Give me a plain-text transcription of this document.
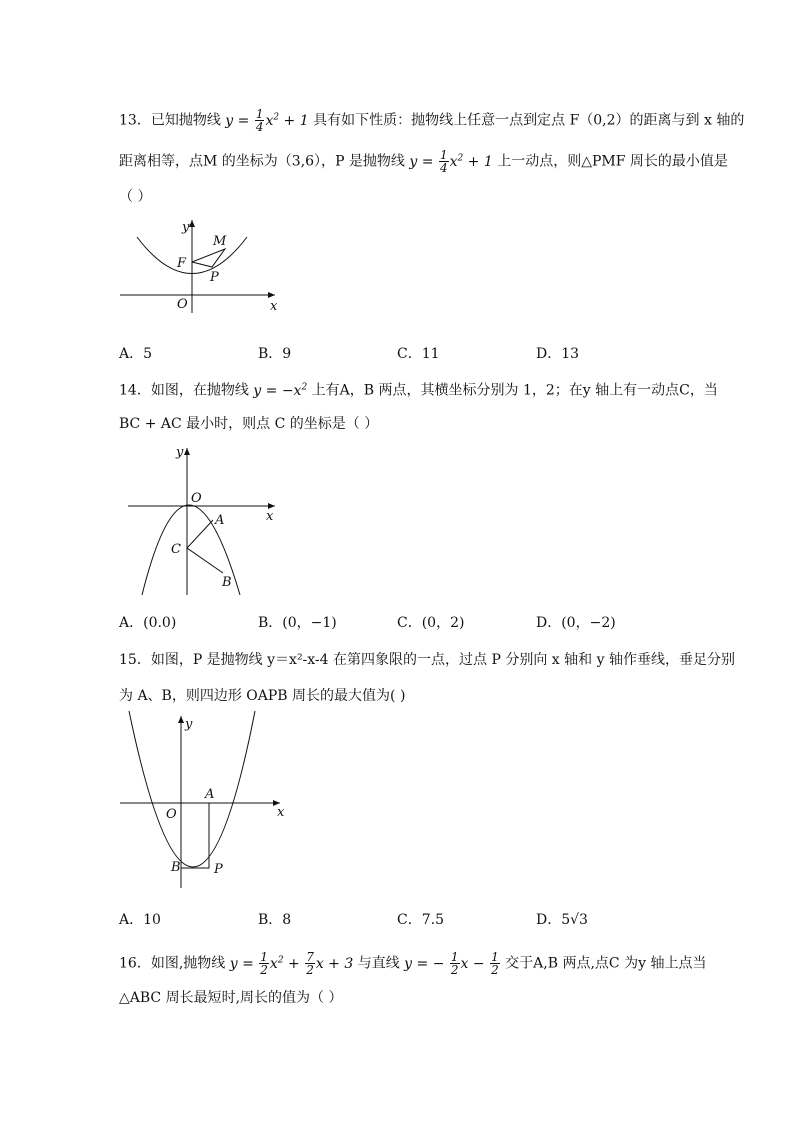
13．已知抛物线 $y = \frac{1}{4} x^2 + 1$ 具有如下性质：抛物线上任意一点到定点 F（0,2）的距离与到 x 轴的
距离相等，点M 的坐标为（3,6），P 是抛物线 $y = \frac{1}{4} x^2 + 1$ 上一动点，则△PMF 周长的最小值是
（ ）
y
x
O
F
M
P
A．5	B．9	C．11	D．13
14．如图，在抛物线 $y = -x^2$ 上有A，B 两点，其横坐标分别为 1，2；在y 轴上有一动点C，当
BC + AC 最小时，则点 C 的坐标是（ ）
y
x
O
A
C
B
A．(0.0)	B．(0，−1)	C．(0，2)	D．(0，−2)
15．如图，P 是抛物线 y＝x²-x-4 在第四象限的一点，过点 P 分别向 x 轴和 y 轴作垂线，垂足分别
为 A、B，则四边形 OAPB 周长的最大值为( )
y
x
O
A
B	P
A．10	B．8	C．7.5	D．5√3
16．如图,抛物线 $y = \frac{1}{2} x^2 + \frac{7}{2}$ x + 3 与直线 y = − $\frac{1}{2}$ $x - \frac{1}{2}$ 交于A,B 两点,点C 为y 轴上点当
△ABC 周长最短时,周长的值为（ ）
